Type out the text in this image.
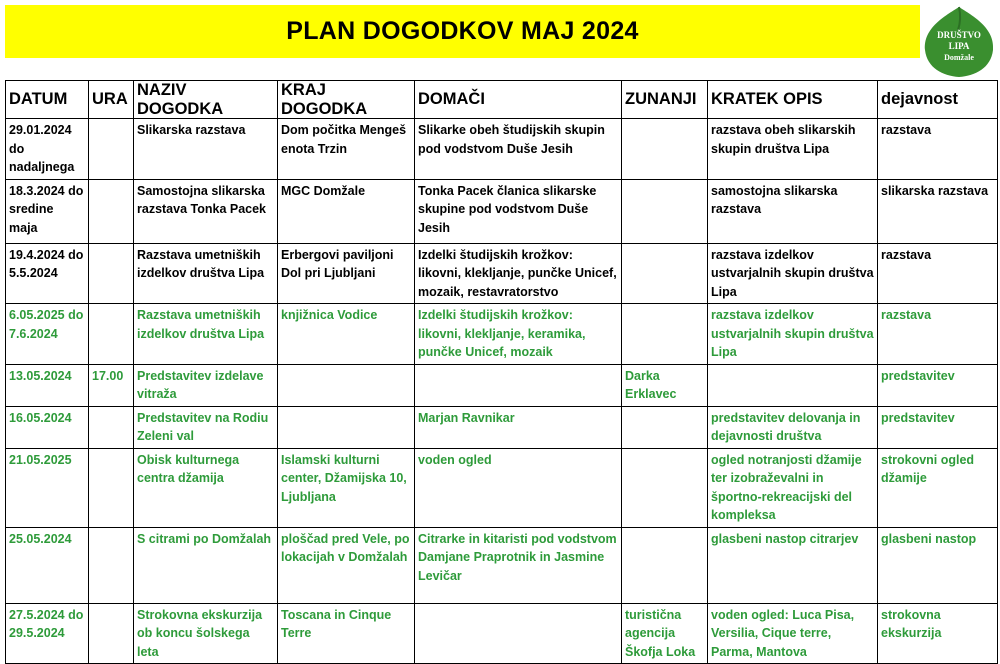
PLAN DOGODKOV MAJ 2024	DRUŠTVO
LIPA
Domžale
DATUM	URA	NAZIV DOGODKA	KRAJ DOGODKA	DOMAČI	ZUNANJI	KRATEK OPIS	dejavnost
29.01.2024 do nadaljnega		Slikarska razstava	Dom počitka Mengeš enota Trzin	Slikarke obeh študijskih skupin pod vodstvom Duše Jesih		razstava obeh slikarskih skupin društva Lipa	razstava
18.3.2024 do sredine maja		Samostojna slikarska razstava Tonka Pacek	MGC Domžale	Tonka Pacek članica slikarske skupine pod vodstvom Duše Jesih		samostojna slikarska razstava	slikarska razstava
19.4.2024 do 5.5.2024		Razstava umetniških izdelkov društva Lipa	Erbergovi paviljoni Dol pri Ljubljani	Izdelki študijskih krožkov: likovni, klekljanje, punčke Unicef, mozaik, restavratorstvo		razstava izdelkov ustvarjalnih skupin društva Lipa	razstava
6.05.2025 do 7.6.2024		Razstava umetniških izdelkov društva Lipa	knjižnica Vodice	Izdelki študijskih krožkov: likovni, klekljanje, keramika, punčke Unicef, mozaik		razstava izdelkov ustvarjalnih skupin društva Lipa	razstava
13.05.2024	17.00	Predstavitev izdelave vitraža			Darka Erklavec		predstavitev
16.05.2024		Predstavitev na Rodiu Zeleni val		Marjan Ravnikar		predstavitev delovanja in dejavnosti društva	predstavitev
21.05.2025		Obisk kulturnega centra džamija	Islamski kulturni center, Džamijska 10, Ljubljana	voden ogled		ogled notranjosti džamije ter izobraževalni in športno-rekreacijski del kompleksa	strokovni ogled džamije
25.05.2024		S citrami po Domžalah	ploščad pred Vele, po lokacijah v Domžalah	Citrarke in kitaristi pod vodstvom Damjane Praprotnik in Jasmine Levičar		glasbeni nastop citrarjev	glasbeni nastop
27.5.2024 do 29.5.2024		Strokovna ekskurzija ob koncu šolskega leta	Toscana in Cinque Terre		turistična agencija Škofja Loka	voden ogled: Luca Pisa, Versilia, Cique terre, Parma, Mantova	strokovna ekskurzija
